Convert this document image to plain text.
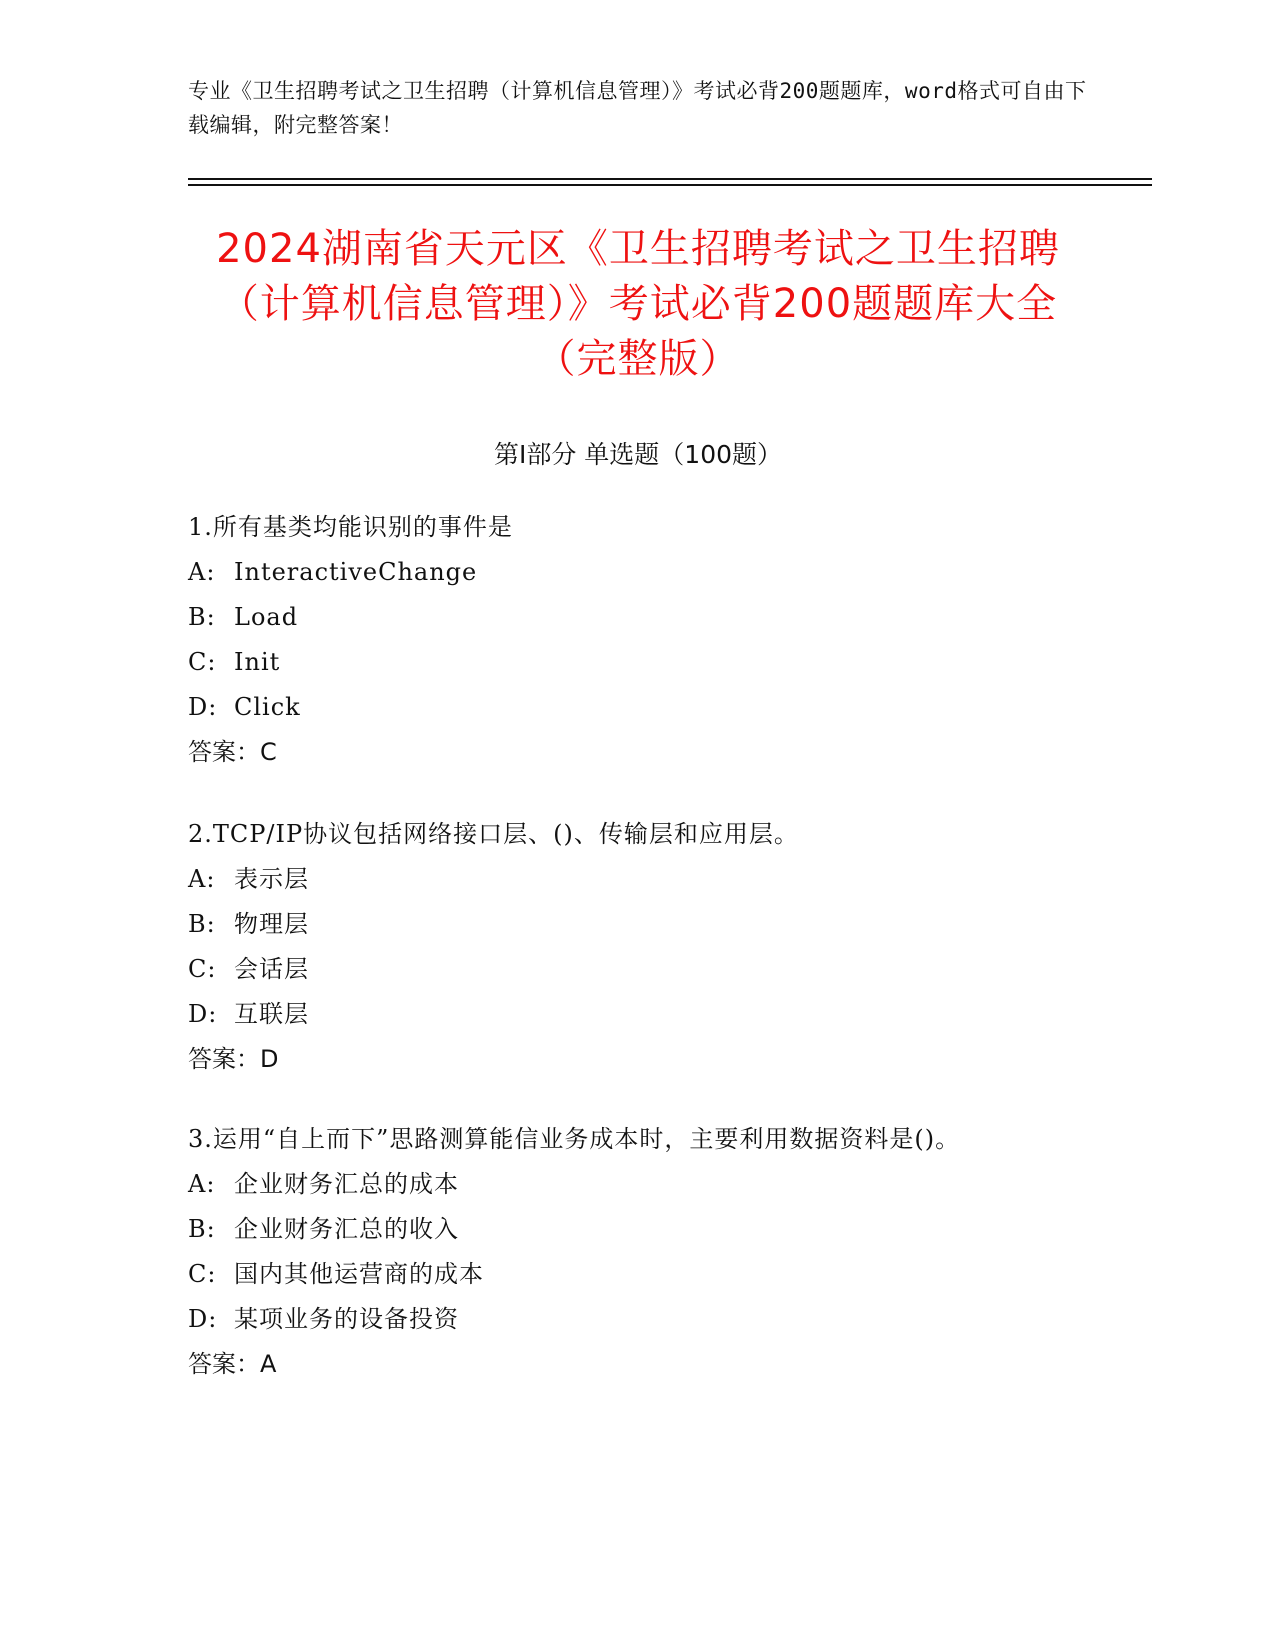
专业《卫生招聘考试之卫生招聘（计算机信息管理）》考试必背200题题库，word格式可自由下载编辑，附完整答案！
2024湖南省天元区《卫生招聘考试之卫生招聘（计算机信息管理）》考试必背200题题库大全（完整版）
第Ⅰ部分 单选题（100题）
1.所有基类均能识别的事件是
A: InteractiveChange
B: Load
C: Init
D: Click
答案：C
2.TCP/IP协议包括网络接口层、()、传输层和应用层。
A: 表示层
B: 物理层
C: 会话层
D: 互联层
答案：D
3.运用“自上而下”思路测算能信业务成本时，主要利用数据资料是()。
A: 企业财务汇总的成本
B: 企业财务汇总的收入
C: 国内其他运营商的成本
D: 某项业务的设备投资
答案：A
